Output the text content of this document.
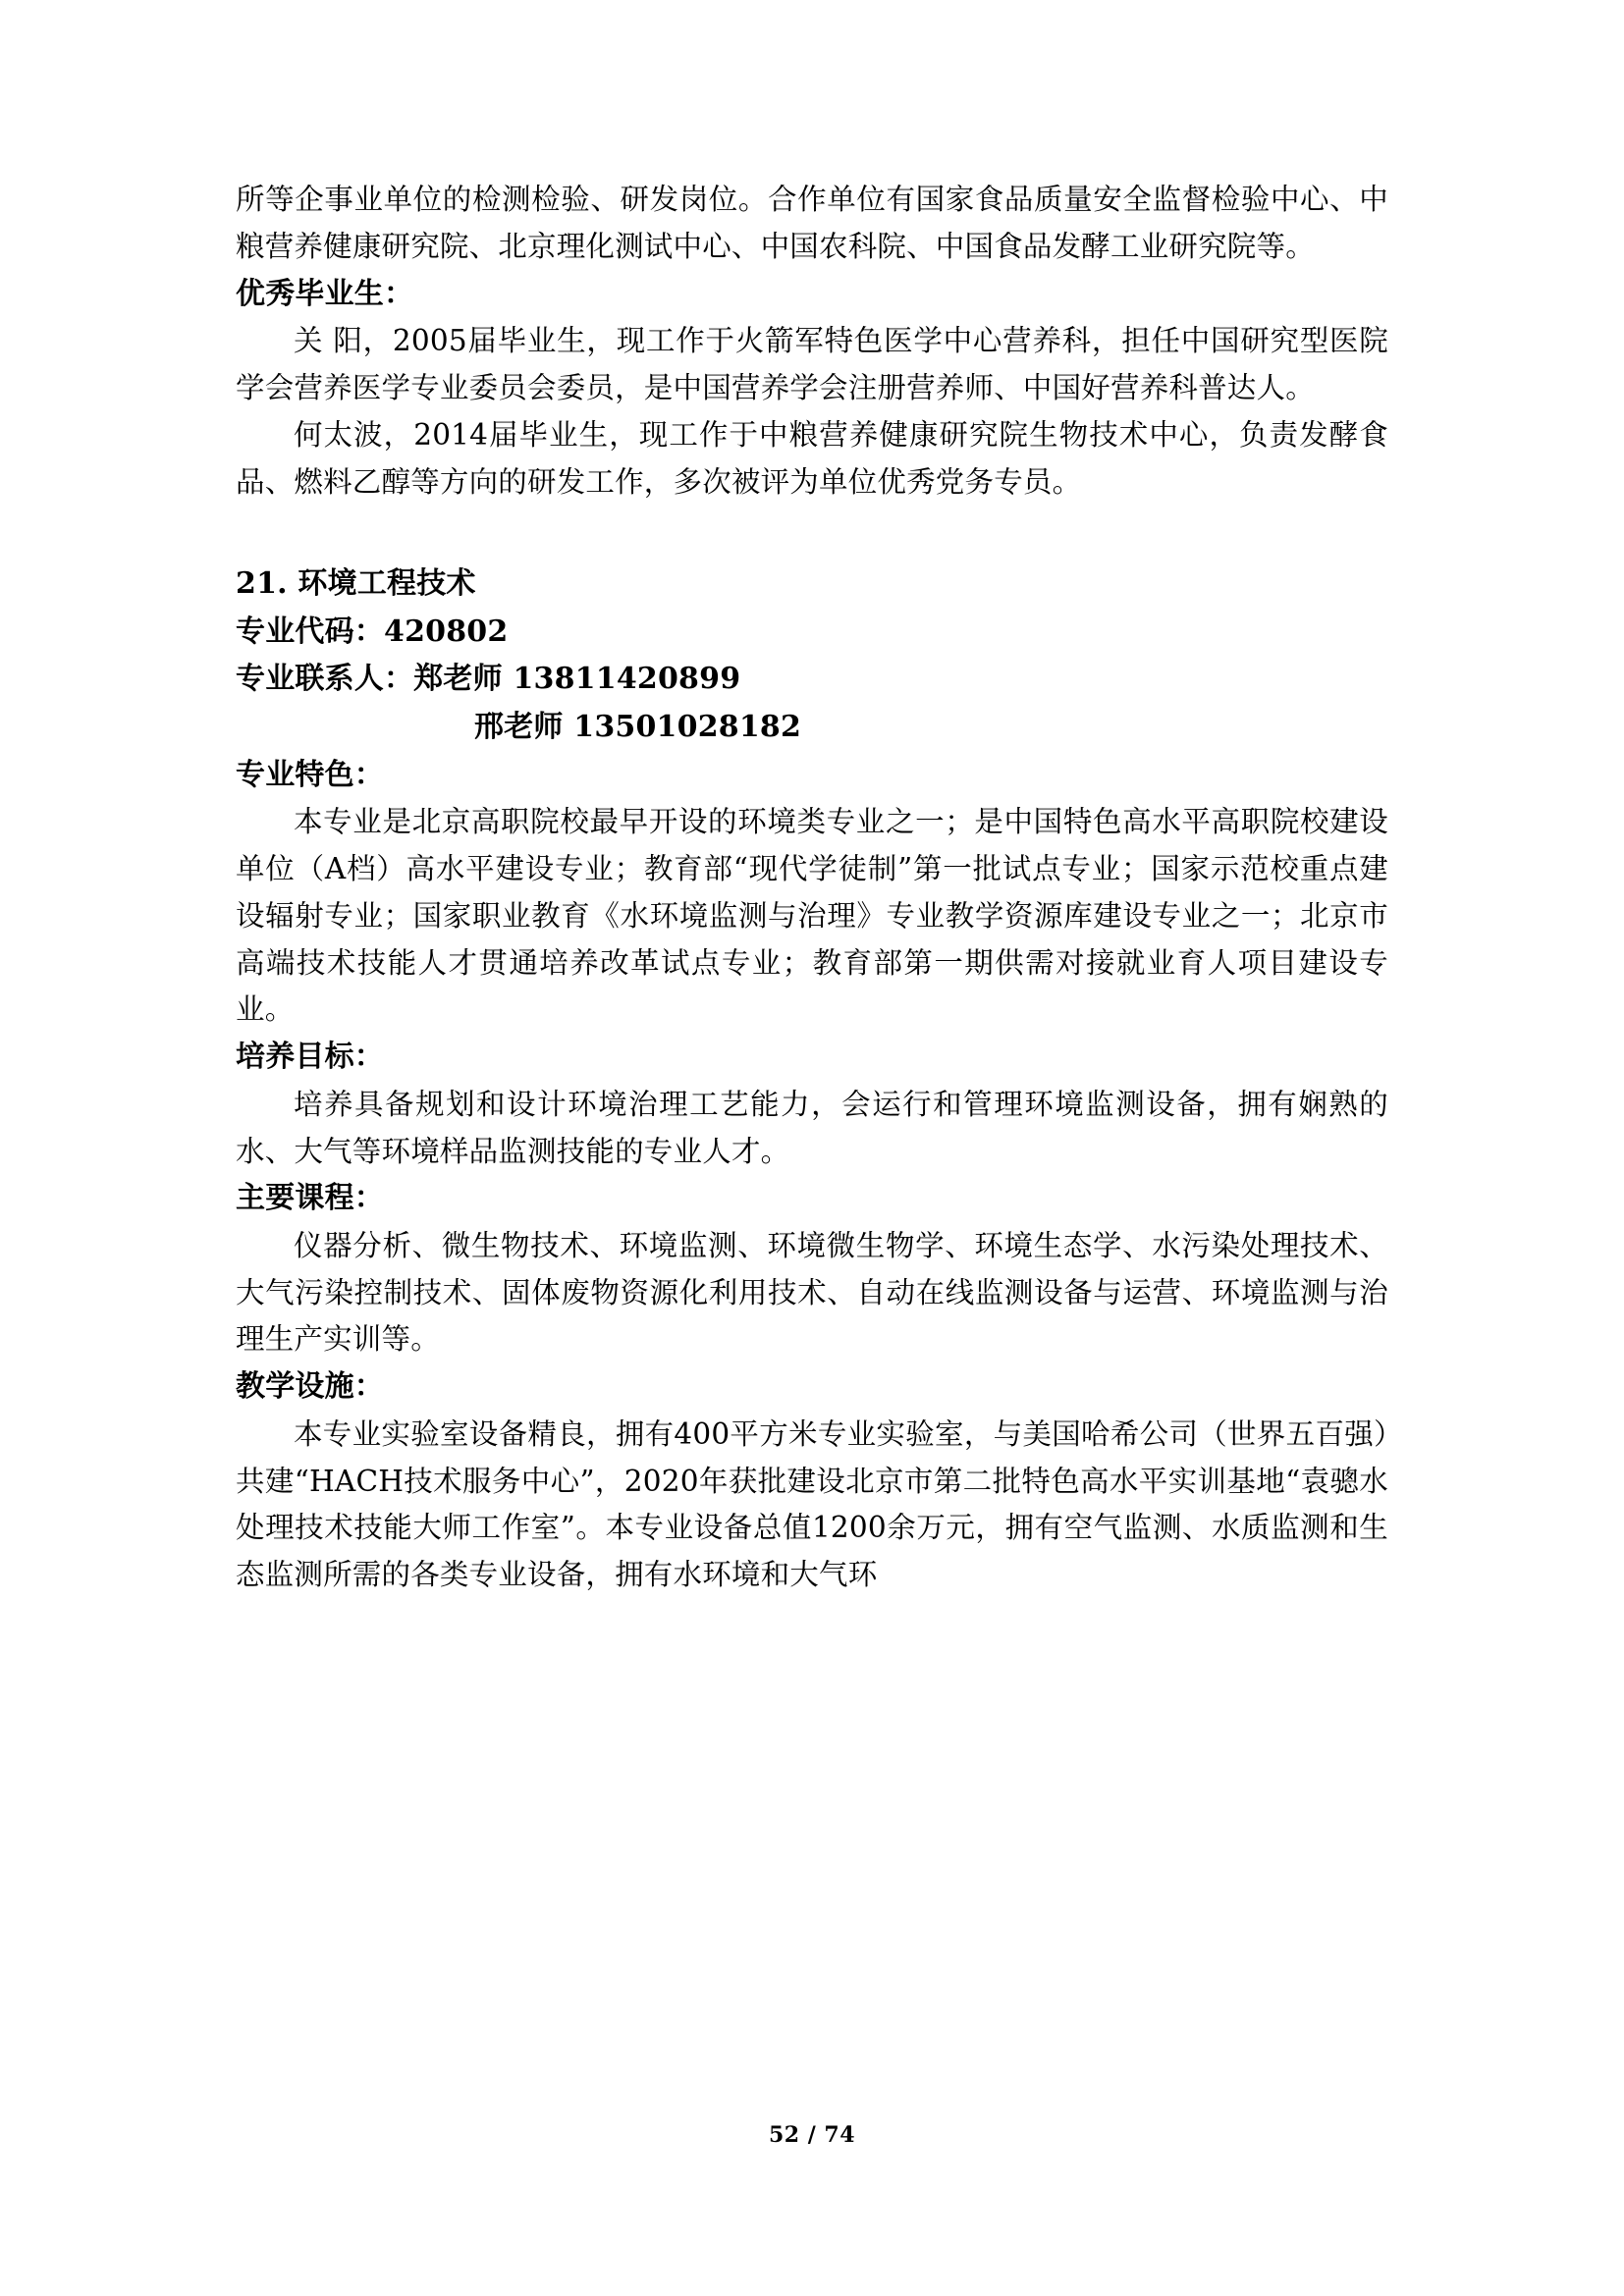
所等企事业单位的检测检验、研发岗位。合作单位有国家食品质量安全监督检验中心、中粮营养健康研究院、北京理化测试中心、中国农科院、中国食品发酵工业研究院等。

优秀毕业生：

关 阳，2005届毕业生，现工作于火箭军特色医学中心营养科，担任中国研究型医院学会营养医学专业委员会委员，是中国营养学会注册营养师、中国好营养科普达人。

何太波，2014届毕业生，现工作于中粮营养健康研究院生物技术中心，负责发酵食品、燃料乙醇等方向的研发工作，多次被评为单位优秀党务专员。

21. 环境工程技术

专业代码：420802

专业联系人：郑老师 13811420899

邢老师 13501028182

专业特色：

本专业是北京高职院校最早开设的环境类专业之一；是中国特色高水平高职院校建设单位（A档）高水平建设专业；教育部“现代学徒制”第一批试点专业；国家示范校重点建设辐射专业；国家职业教育《水环境监测与治理》专业教学资源库建设专业之一；北京市高端技术技能人才贯通培养改革试点专业；教育部第一期供需对接就业育人项目建设专业。

培养目标：

培养具备规划和设计环境治理工艺能力，会运行和管理环境监测设备，拥有娴熟的水、大气等环境样品监测技能的专业人才。

主要课程：

仪器分析、微生物技术、环境监测、环境微生物学、环境生态学、水污染处理技术、大气污染控制技术、固体废物资源化利用技术、自动在线监测设备与运营、环境监测与治理生产实训等。

教学设施：

本专业实验室设备精良，拥有400平方米专业实验室，与美国哈希公司（世界五百强）共建“HACH技术服务中心”，2020年获批建设北京市第二批特色高水平实训基地“袁骢水处理技术技能大师工作室”。本专业设备总值1200余万元，拥有空气监测、水质监测和生态监测所需的各类专业设备，拥有水环境和大气环

52 / 74
